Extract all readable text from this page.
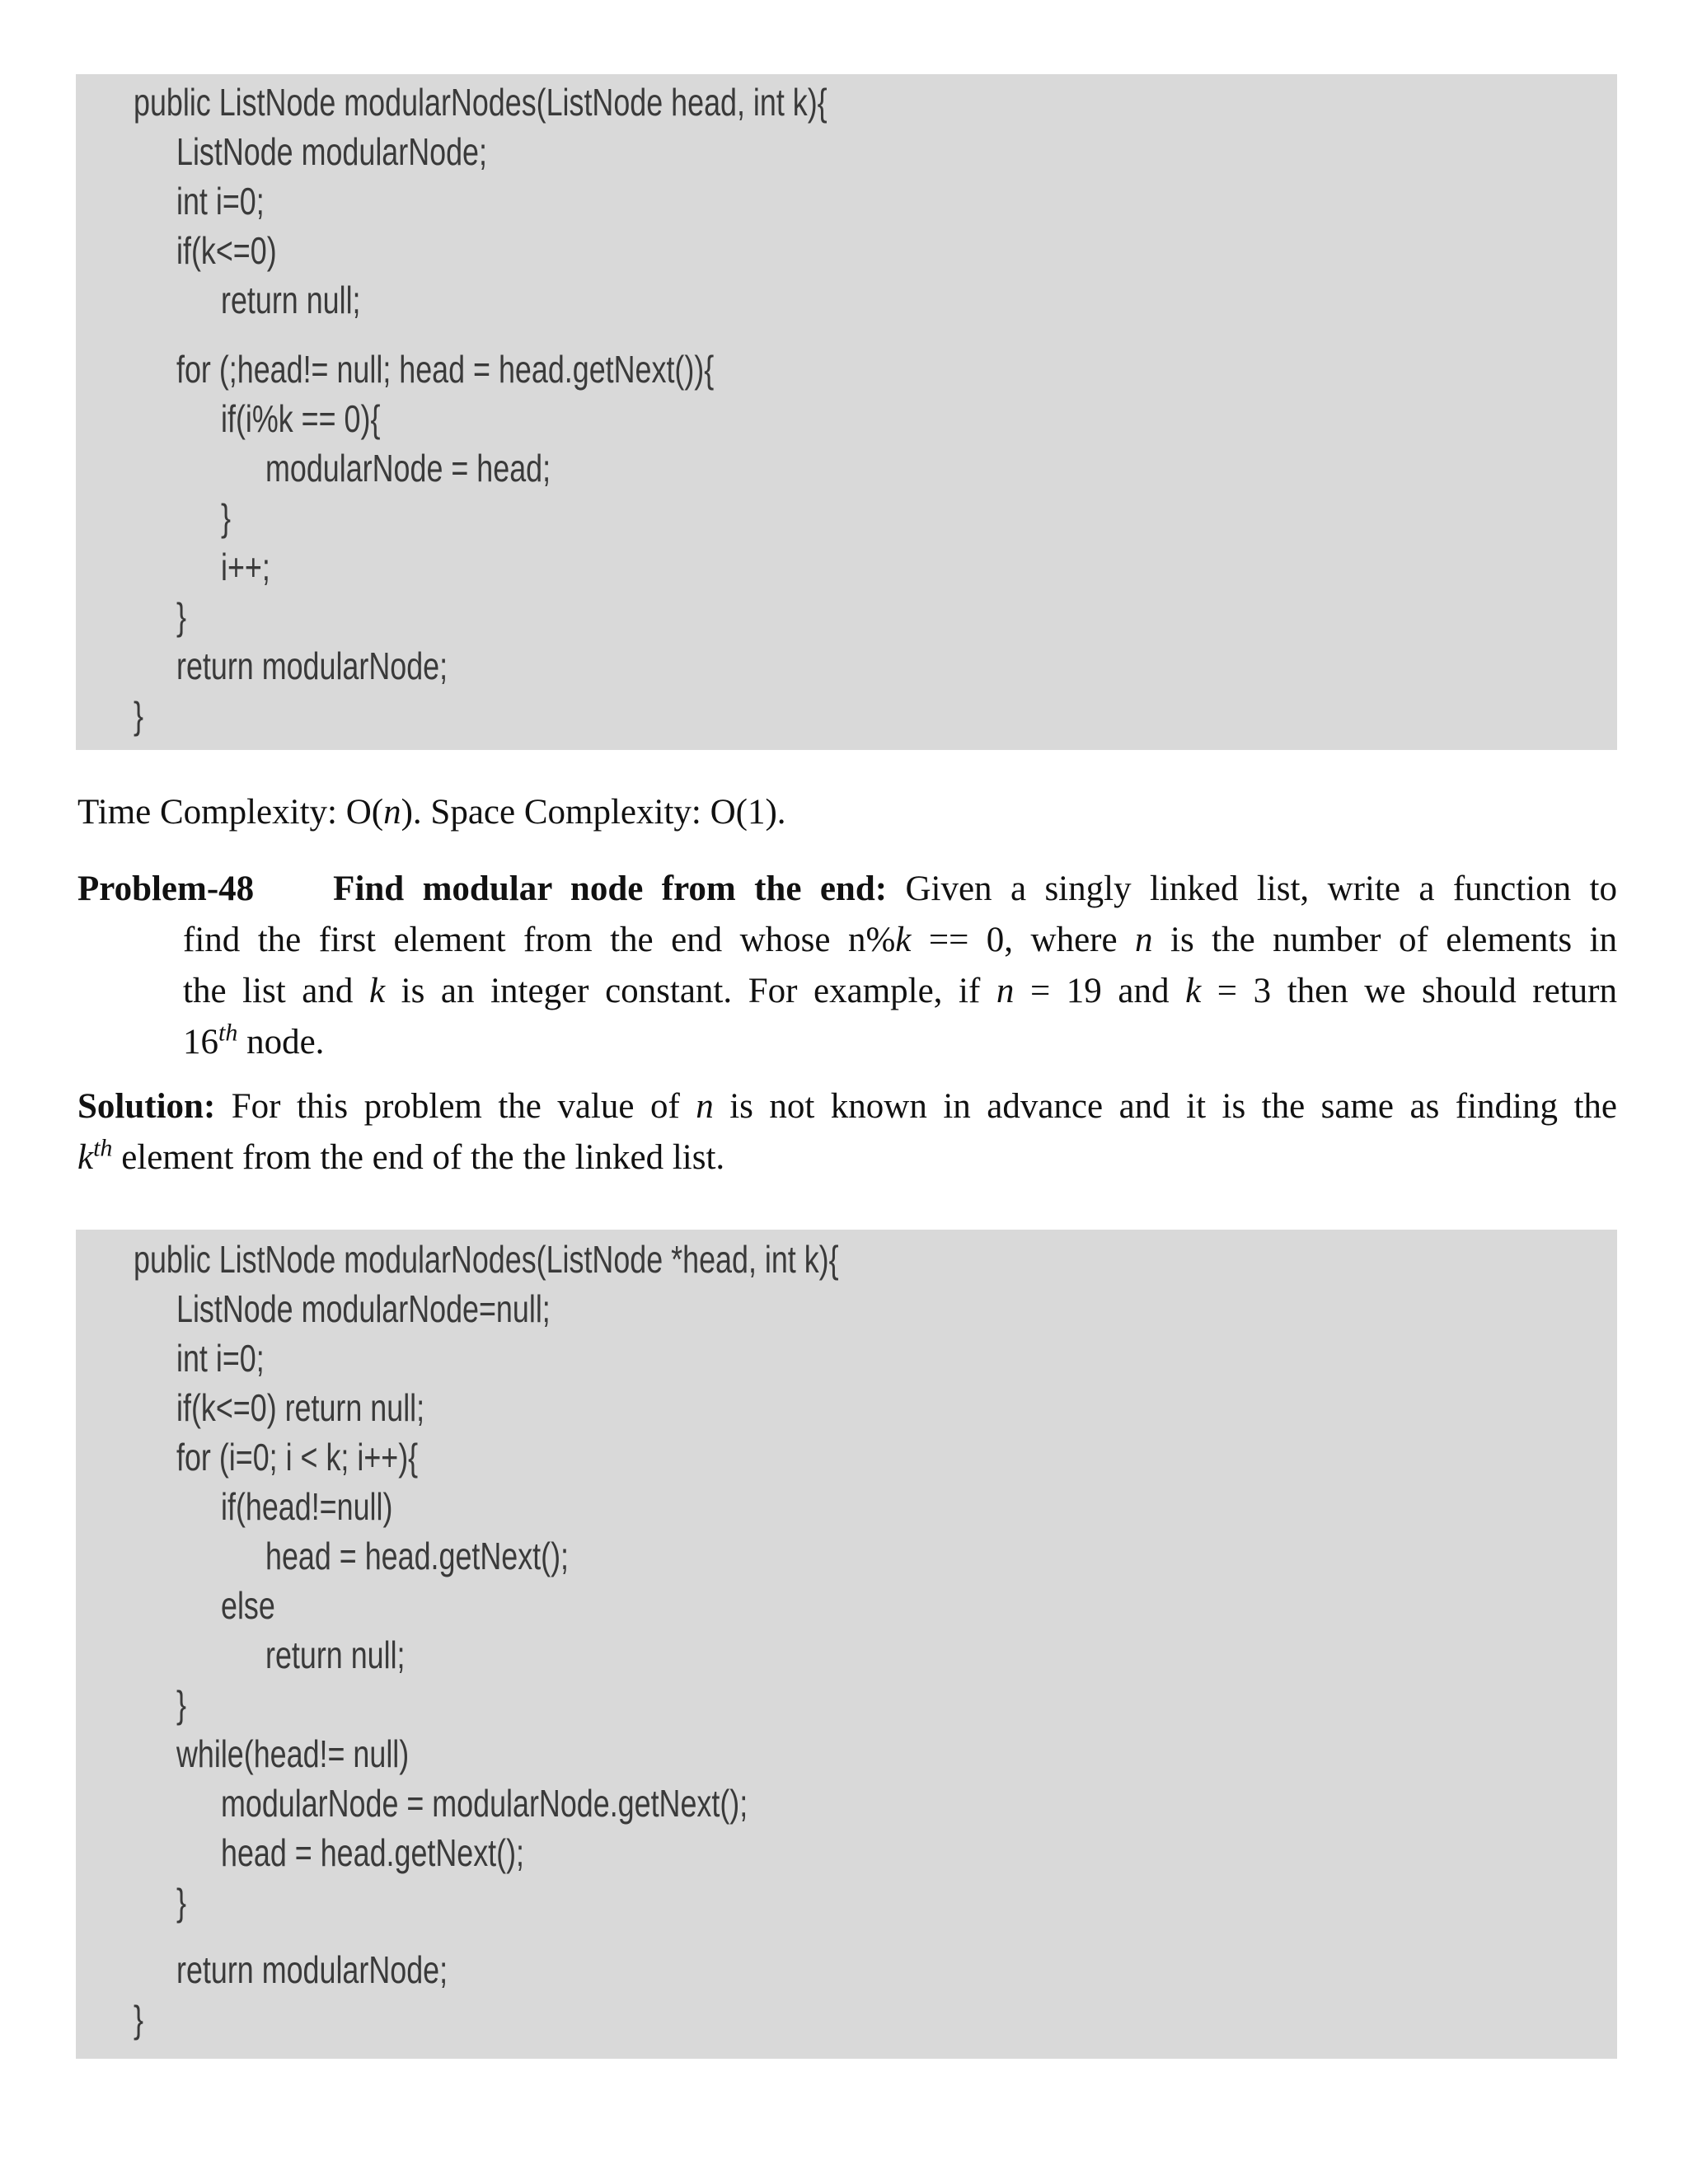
public ListNode modularNodes(ListNode head, int k){
ListNode modularNode;
int i=0;
if(k<=0)
return null;
for (;head!= null; head = head.getNext()){
if(i%k == 0){
modularNode = head;
}
i++;
}
return modularNode;
}
Time Complexity: O(n). Space Complexity: O(1).
Problem-48 Find modular node from the end: Given a singly linked list, write a function to
find the first element from the end whose n%k == 0, where n is the number of elements in
the list and k is an integer constant. For example, if n = 19 and k = 3 then we should return
16th node.
Solution: For this problem the value of n is not known in advance and it is the same as finding the
$k^{th}$ element from the end of the the linked list.
public ListNode modularNodes(ListNode *head, int k){
ListNode modularNode=null;
int i=0;
if(k<=0) return null;
for (i=0; i < k; i++){
if(head!=null)
head = head.getNext();
else
return null;
}
while(head!= null)
modularNode = modularNode.getNext();
head = head.getNext();
}
return modularNode;
}
